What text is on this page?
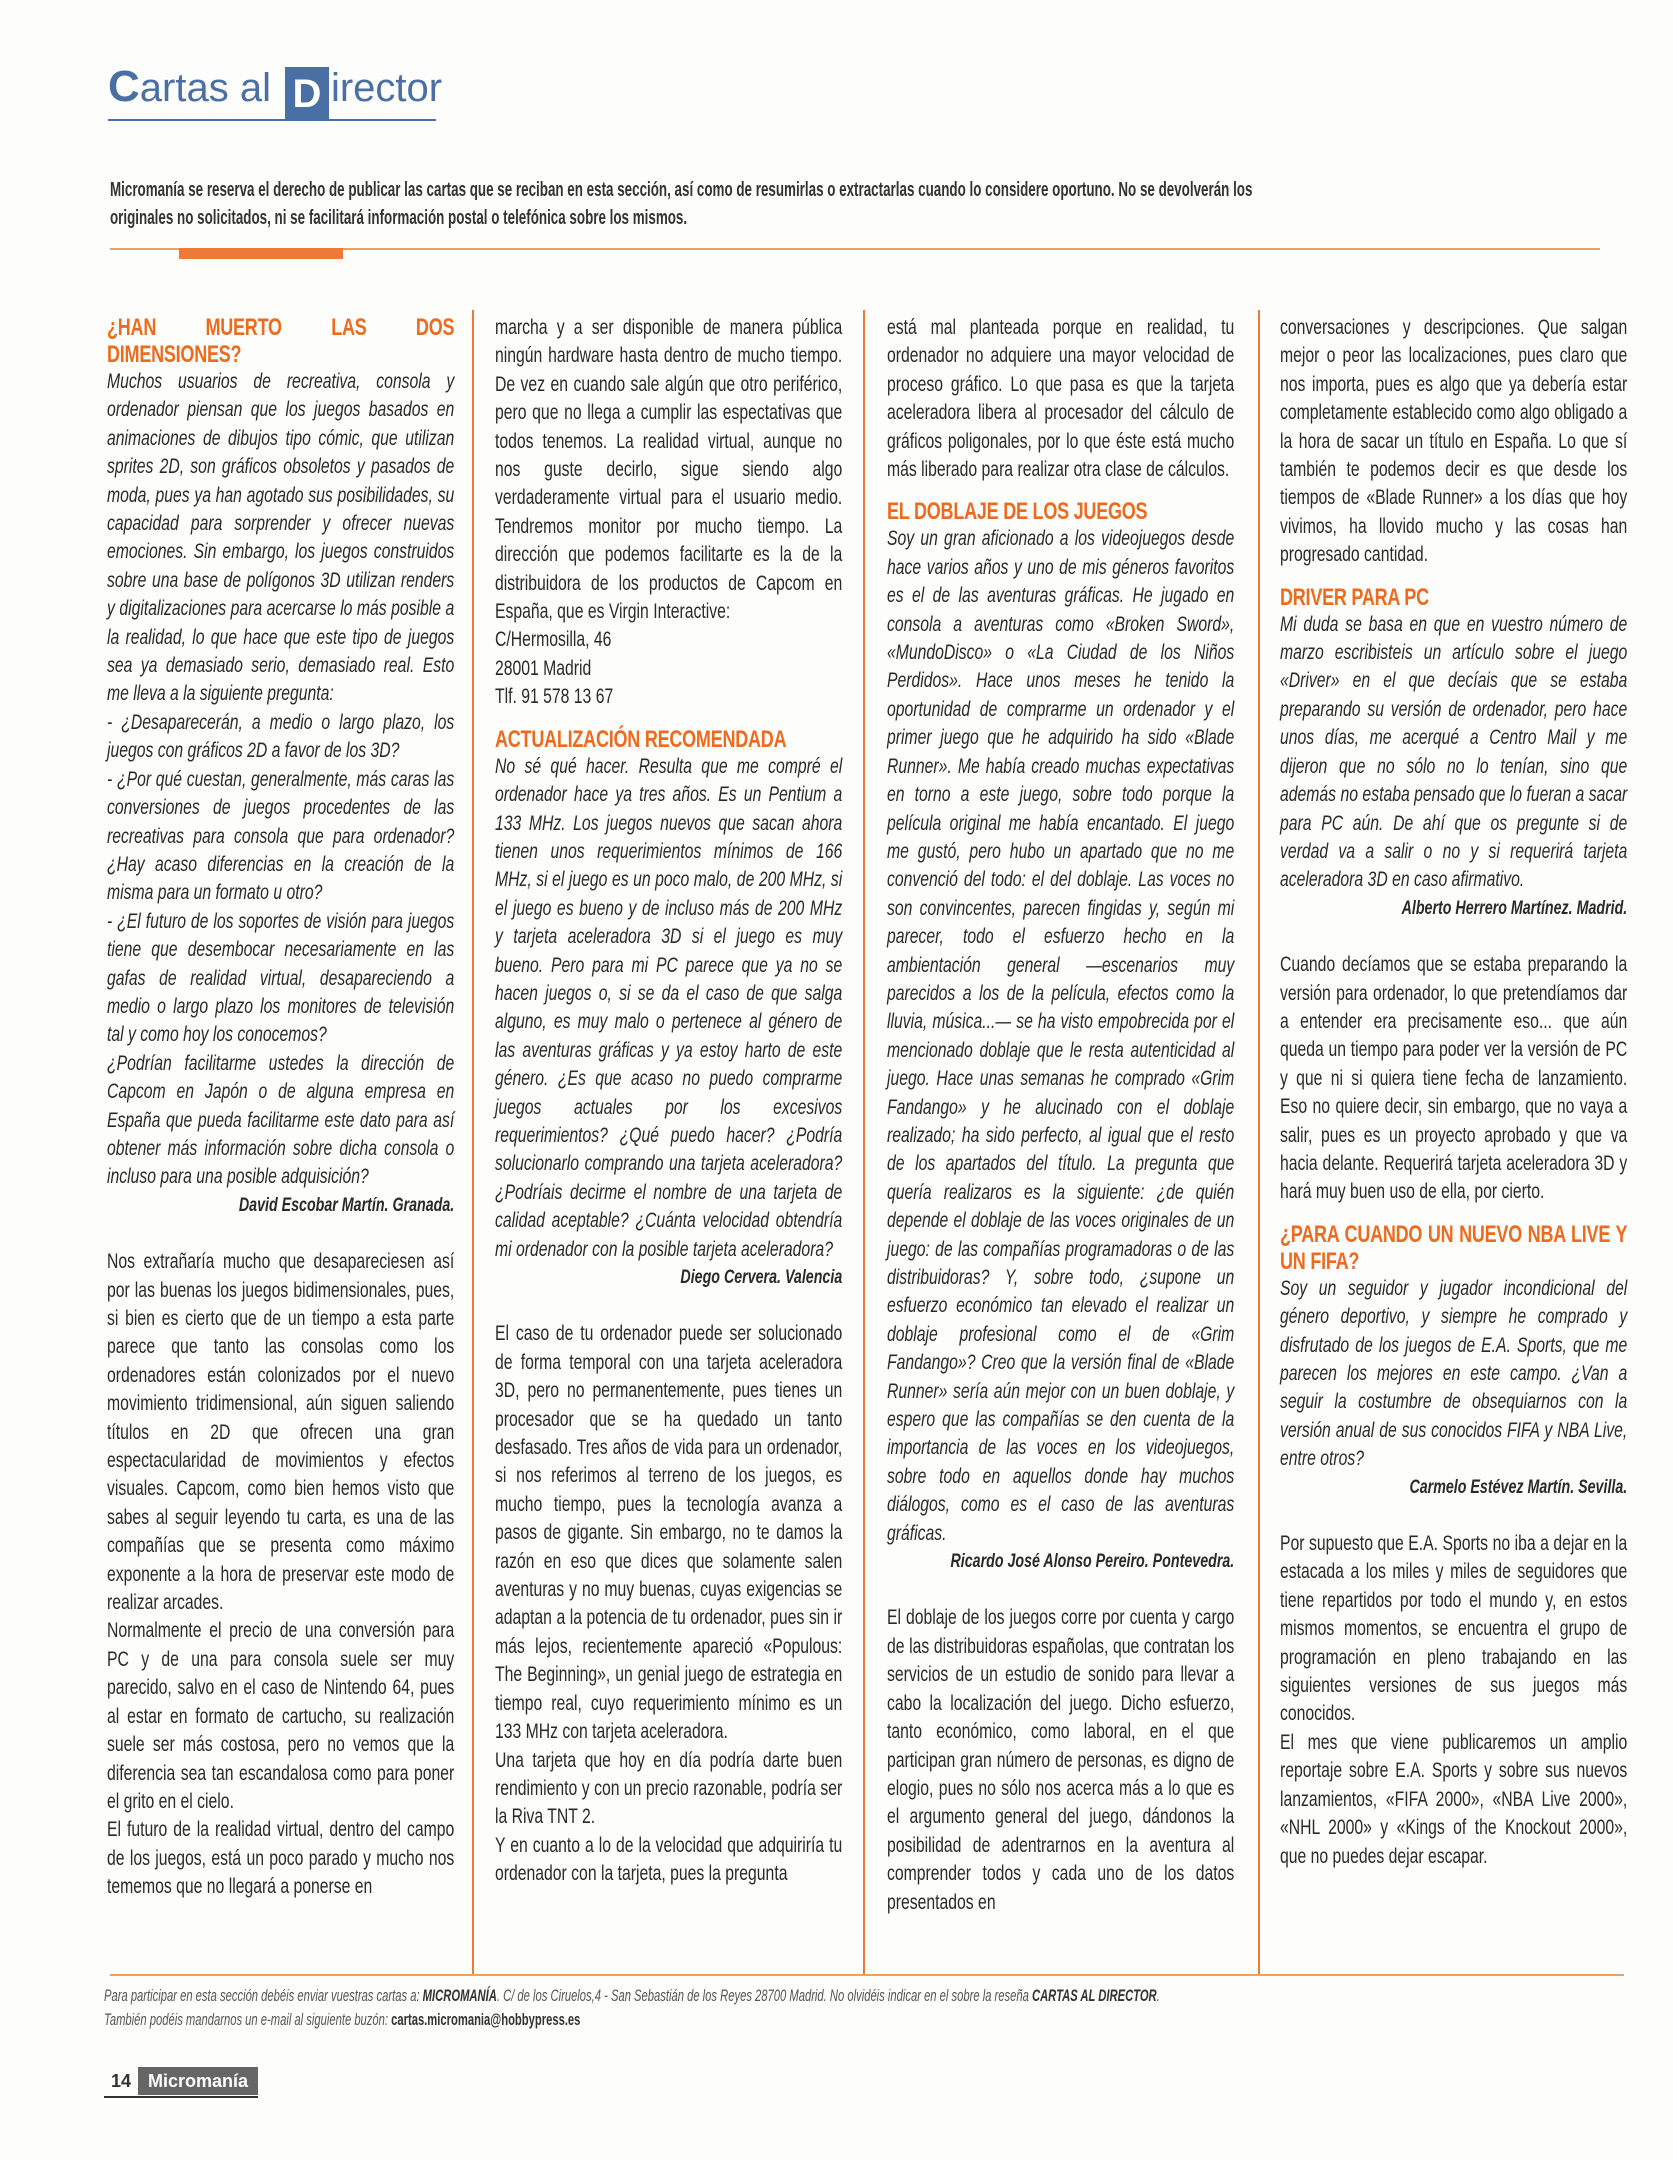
Cartas al D irector
Micromanía se reserva el derecho de publicar las cartas que se reciban en esta sección, así como de resumirlas o extractarlas cuando lo considere oportuno. No se devolverán los originales no solicitados, ni se facilitará información postal o telefónica sobre los mismos.

¿HAN MUERTO LAS DOS DIMENSIONES?

Muchos usuarios de recreativa, consola y ordenador piensan que los juegos basados en animaciones de dibujos tipo cómic, que utilizan sprites 2D, son gráficos obsoletos y pasados de moda, pues ya han agotado sus posibilidades, su capacidad para sorprender y ofrecer nuevas emociones. Sin embargo, los juegos construidos sobre una base de polígonos 3D utilizan renders y digitalizaciones para acercarse lo más posible a la realidad, lo que hace que este tipo de juegos sea ya demasiado serio, demasiado real. Esto me lleva a la siguiente pregunta:

- ¿Desaparecerán, a medio o largo plazo, los juegos con gráficos 2D a favor de los 3D?

- ¿Por qué cuestan, generalmente, más caras las conversiones de juegos procedentes de las recreativas para consola que para ordenador? ¿Hay acaso diferencias en la creación de la misma para un formato u otro?

- ¿El futuro de los soportes de visión para juegos tiene que desembocar necesariamente en las gafas de realidad virtual, desapareciendo a medio o largo plazo los monitores de televisión tal y como hoy los conocemos?

¿Podrían facilitarme ustedes la dirección de Capcom en Japón o de alguna empresa en España que pueda facilitarme este dato para así obtener más información sobre dicha consola o incluso para una posible adquisición?

David Escobar Martín. Granada.

Nos extrañaría mucho que desapareciesen así por las buenas los juegos bidimensionales, pues, si bien es cierto que de un tiempo a esta parte parece que tanto las consolas como los ordenadores están colonizados por el nuevo movimiento tridimensional, aún siguen saliendo títulos en 2D que ofrecen una gran espectacularidad de movimientos y efectos visuales. Capcom, como bien hemos visto que sabes al seguir leyendo tu carta, es una de las compañías que se presenta como máximo exponente a la hora de preservar este modo de realizar arcades.

Normalmente el precio de una conversión para PC y de una para consola suele ser muy parecido, salvo en el caso de Nintendo 64, pues al estar en formato de cartucho, su realización suele ser más costosa, pero no vemos que la diferencia sea tan escandalosa como para poner el grito en el cielo.

El futuro de la realidad virtual, dentro del campo de los juegos, está un poco parado y mucho nos tememos que no llegará a ponerse en

marcha y a ser disponible de manera pública ningún hardware hasta dentro de mucho tiempo. De vez en cuando sale algún que otro periférico, pero que no llega a cumplir las espectativas que todos tenemos. La realidad virtual, aunque no nos guste decirlo, sigue siendo algo verdaderamente virtual para el usuario medio. Tendremos monitor por mucho tiempo. La dirección que podemos facilitarte es la de la distribuidora de los productos de Capcom en España, que es Virgin Interactive:

C/Hermosilla, 46

28001 Madrid

Tlf. 91 578 13 67

ACTUALIZACIÓN RECOMENDADA

No sé qué hacer. Resulta que me compré el ordenador hace ya tres años. Es un Pentium a 133 MHz. Los juegos nuevos que sacan ahora tienen unos requerimientos mínimos de 166 MHz, si el juego es un poco malo, de 200 MHz, si el juego es bueno y de incluso más de 200 MHz y tarjeta aceleradora 3D si el juego es muy bueno. Pero para mi PC parece que ya no se hacen juegos o, si se da el caso de que salga alguno, es muy malo o pertenece al género de las aventuras gráficas y ya estoy harto de este género. ¿Es que acaso no puedo comprarme juegos actuales por los excesivos requerimientos? ¿Qué puedo hacer? ¿Podría solucionarlo comprando una tarjeta aceleradora? ¿Podríais decirme el nombre de una tarjeta de calidad aceptable? ¿Cuánta velocidad obtendría mi ordenador con la posible tarjeta aceleradora?

Diego Cervera. Valencia

El caso de tu ordenador puede ser solucionado de forma temporal con una tarjeta aceleradora 3D, pero no permanentemente, pues tienes un procesador que se ha quedado un tanto desfasado. Tres años de vida para un ordenador, si nos referimos al terreno de los juegos, es mucho tiempo, pues la tecnología avanza a pasos de gigante. Sin embargo, no te damos la razón en eso que dices que solamente salen aventuras y no muy buenas, cuyas exigencias se adaptan a la potencia de tu ordenador, pues sin ir más lejos, recientemente apareció «Populous: The Beginning», un genial juego de estrategia en tiempo real, cuyo requerimiento mínimo es un 133 MHz con tarjeta aceleradora.

Una tarjeta que hoy en día podría darte buen rendimiento y con un precio razonable, podría ser la Riva TNT 2.

Y en cuanto a lo de la velocidad que adquiriría tu ordenador con la tarjeta, pues la pregunta

está mal planteada porque en realidad, tu ordenador no adquiere una mayor velocidad de proceso gráfico. Lo que pasa es que la tarjeta aceleradora libera al procesador del cálculo de gráficos poligonales, por lo que éste está mucho más liberado para realizar otra clase de cálculos.

EL DOBLAJE DE LOS JUEGOS

Soy un gran aficionado a los videojuegos desde hace varios años y uno de mis géneros favoritos es el de las aventuras gráficas. He jugado en consola a aventuras como «Broken Sword», «MundoDisco» o «La Ciudad de los Niños Perdidos». Hace unos meses he tenido la oportunidad de comprarme un ordenador y el primer juego que he adquirido ha sido «Blade Runner». Me había creado muchas expectativas en torno a este juego, sobre todo porque la película original me había encantado. El juego me gustó, pero hubo un apartado que no me convenció del todo: el del doblaje. Las voces no son convincentes, parecen fingidas y, según mi parecer, todo el esfuerzo hecho en la ambientación general —escenarios muy parecidos a los de la película, efectos como la lluvia, música...— se ha visto empobrecida por el mencionado doblaje que le resta autenticidad al juego. Hace unas semanas he comprado «Grim Fandango» y he alucinado con el doblaje realizado; ha sido perfecto, al igual que el resto de los apartados del título. La pregunta que quería realizaros es la siguiente: ¿de quién depende el doblaje de las voces originales de un juego: de las compañías programadoras o de las distribuidoras? Y, sobre todo, ¿supone un esfuerzo económico tan elevado el realizar un doblaje profesional como el de «Grim Fandango»? Creo que la versión final de «Blade Runner» sería aún mejor con un buen doblaje, y espero que las compañías se den cuenta de la importancia de las voces en los videojuegos, sobre todo en aquellos donde hay muchos diálogos, como es el caso de las aventuras gráficas.

Ricardo José Alonso Pereiro. Pontevedra.

El doblaje de los juegos corre por cuenta y cargo de las distribuidoras españolas, que contratan los servicios de un estudio de sonido para llevar a cabo la localización del juego. Dicho esfuerzo, tanto económico, como laboral, en el que participan gran número de personas, es digno de elogio, pues no sólo nos acerca más a lo que es el argumento general del juego, dándonos la posibilidad de adentrarnos en la aventura al comprender todos y cada uno de los datos presentados en

conversaciones y descripciones. Que salgan mejor o peor las localizaciones, pues claro que nos importa, pues es algo que ya debería estar completamente establecido como algo obligado a la hora de sacar un título en España. Lo que sí también te podemos decir es que desde los tiempos de «Blade Runner» a los días que hoy vivimos, ha llovido mucho y las cosas han progresado cantidad.

DRIVER PARA PC

Mi duda se basa en que en vuestro número de marzo escribisteis un artículo sobre el juego «Driver» en el que decíais que se estaba preparando su versión de ordenador, pero hace unos días, me acerqué a Centro Mail y me dijeron que no sólo no lo tenían, sino que además no estaba pensado que lo fueran a sacar para PC aún. De ahí que os pregunte si de verdad va a salir o no y si requerirá tarjeta aceleradora 3D en caso afirmativo.

Alberto Herrero Martínez. Madrid.

Cuando decíamos que se estaba preparando la versión para ordenador, lo que pretendíamos dar a entender era precisamente eso... que aún queda un tiempo para poder ver la versión de PC y que ni si quiera tiene fecha de lanzamiento. Eso no quiere decir, sin embargo, que no vaya a salir, pues es un proyecto aprobado y que va hacia delante. Requerirá tarjeta aceleradora 3D y hará muy buen uso de ella, por cierto.

¿PARA CUANDO UN NUEVO NBA LIVE Y UN FIFA?

Soy un seguidor y jugador incondicional del género deportivo, y siempre he comprado y disfrutado de los juegos de E.A. Sports, que me parecen los mejores en este campo. ¿Van a seguir la costumbre de obsequiarnos con la versión anual de sus conocidos FIFA y NBA Live, entre otros?

Carmelo Estévez Martín. Sevilla.

Por supuesto que E.A. Sports no iba a dejar en la estacada a los miles y miles de seguidores que tiene repartidos por todo el mundo y, en estos mismos momentos, se encuentra el grupo de programación en pleno trabajando en las siguientes versiones de sus juegos más conocidos.

El mes que viene publicaremos un amplio reportaje sobre E.A. Sports y sobre sus nuevos lanzamientos, «FIFA 2000», «NBA Live 2000», «NHL 2000» y «Kings of the Knockout 2000», que no puedes dejar escapar.

Para participar en esta sección debéis enviar vuestras cartas a: MICROMANÍA. C/ de los Ciruelos,4 - San Sebastián de los Reyes 28700 Madrid. No olvidéis indicar en el sobre la reseña CARTAS AL DIRECTOR.
También podéis mandarnos un e-mail al siguiente buzón: cartas.micromania@hobbypress.es
14 Micromanía
